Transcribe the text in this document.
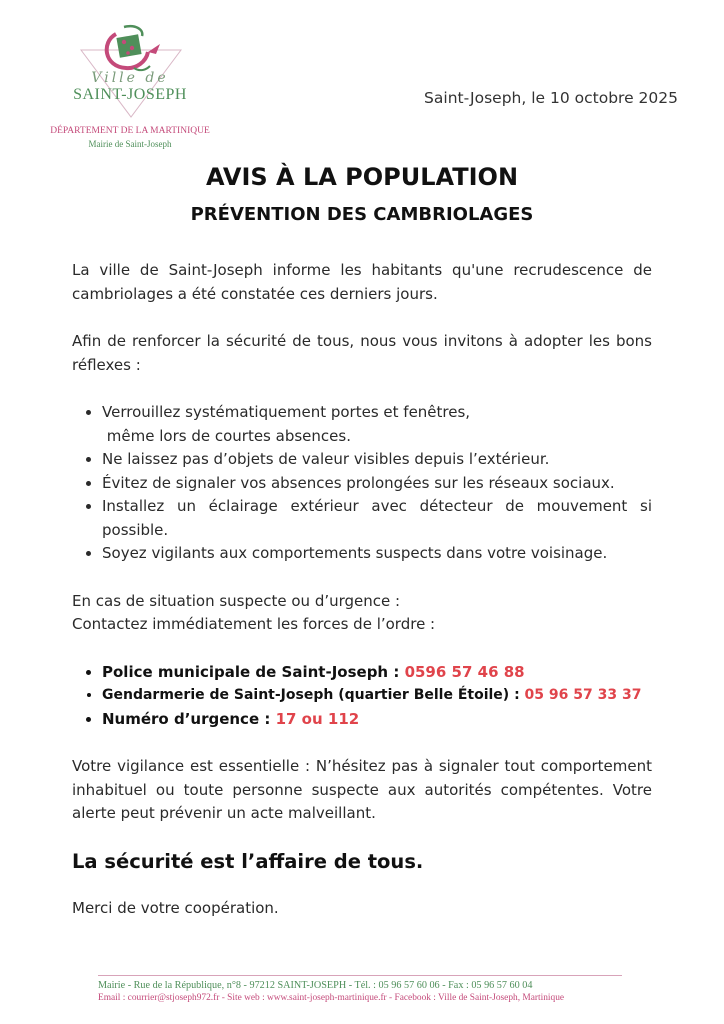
Ville de
SAINT-JOSEPH
DÉPARTEMENT DE LA MARTINIQUE
Mairie de Saint-Joseph
Saint-Joseph, le 10 octobre 2025
AVIS À LA POPULATION
PRÉVENTION DES CAMBRIOLAGES

La ville de Saint-Joseph informe les habitants qu'une recrudescence de cambriolages a été constatée ces derniers jours.

Afin de renforcer la sécurité de tous, nous vous invitons à adopter les bons réflexes :

• Verrouillez systématiquement portes et fenêtres,
même lors de courtes absences.
• Ne laissez pas d’objets de valeur visibles depuis l’extérieur.
• Évitez de signaler vos absences prolongées sur les réseaux sociaux.
• Installez un éclairage extérieur avec détecteur de mouvement si possible.
• Soyez vigilants aux comportements suspects dans votre voisinage.

En cas de situation suspecte ou d’urgence :

Contactez immédiatement les forces de l’ordre :

• Police municipale de Saint-Joseph : 0596 57 46 88
• Gendarmerie de Saint-Joseph (quartier Belle Étoile) : 05 96 57 33 37
• Numéro d’urgence : 17 ou 112

Votre vigilance est essentielle : N’hésitez pas à signaler tout comportement inhabituel ou toute personne suspecte aux autorités compétentes. Votre alerte peut prévenir un acte malveillant.

La sécurité est l’affaire de tous.

Merci de votre coopération.

Mairie - Rue de la République, n°8 - 97212 SAINT-JOSEPH - Tél. : 05 96 57 60 06 - Fax : 05 96 57 60 04
Email : courrier@stjoseph972.fr - Site web : www.saint-joseph-martinique.fr - Facebook : Ville de Saint-Joseph, Martinique
